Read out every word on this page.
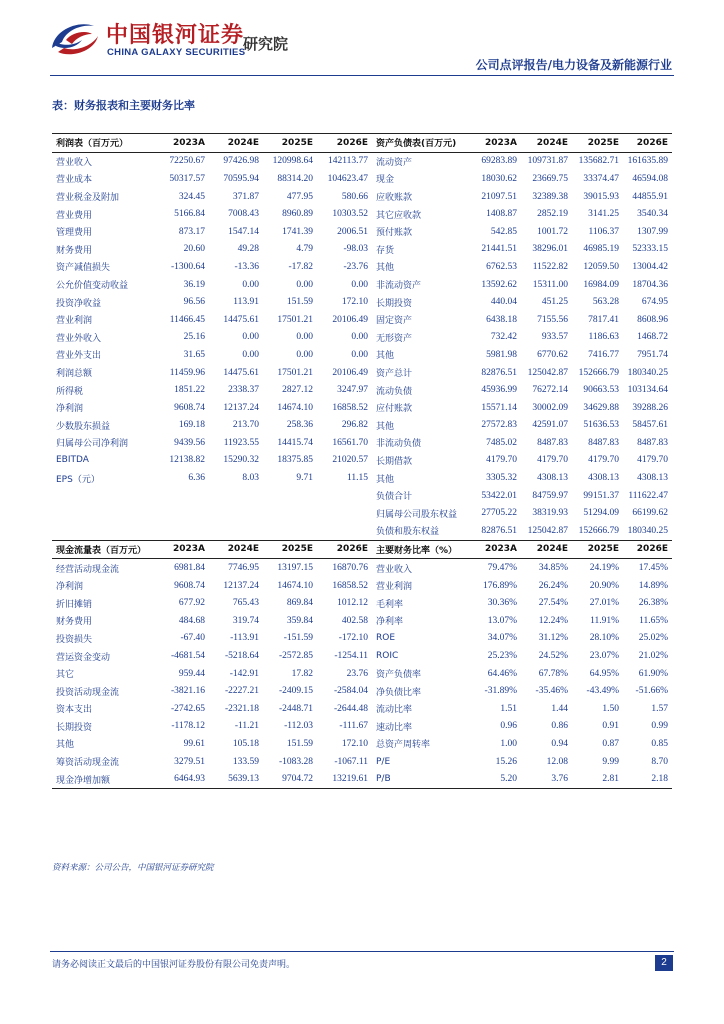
中国银河证券
CHINA GALAXY SECURITIES
研究院
公司点评报告/电力设备及新能源行业
表：财务报表和主要财务比率
利润表（百万元）	2023A	2024E	2025E	2026E	资产负债表(百万元)	2023A	2024E	2025E	2026E
营业收入	72250.67	97426.98	120998.64	142113.77	流动资产	69283.89	109731.87	135682.71	161635.89
营业成本	50317.57	70595.94	88314.20	104623.47	现金	18030.62	23669.75	33374.47	46594.08
营业税金及附加	324.45	371.87	477.95	580.66	应收账款	21097.51	32389.38	39015.93	44855.91
营业费用	5166.84	7008.43	8960.89	10303.52	其它应收款	1408.87	2852.19	3141.25	3540.34
管理费用	873.17	1547.14	1741.39	2006.51	预付账款	542.85	1001.72	1106.37	1307.99
财务费用	20.60	49.28	4.79	-98.03	存货	21441.51	38296.01	46985.19	52333.15
资产减值损失	-1300.64	-13.36	-17.82	-23.76	其他	6762.53	11522.82	12059.50	13004.42
公允价值变动收益	36.19	0.00	0.00	0.00	非流动资产	13592.62	15311.00	16984.09	18704.36
投资净收益	96.56	113.91	151.59	172.10	长期投资	440.04	451.25	563.28	674.95
营业利润	11466.45	14475.61	17501.21	20106.49	固定资产	6438.18	7155.56	7817.41	8608.96
营业外收入	25.16	0.00	0.00	0.00	无形资产	732.42	933.57	1186.63	1468.72
营业外支出	31.65	0.00	0.00	0.00	其他	5981.98	6770.62	7416.77	7951.74
利润总额	11459.96	14475.61	17501.21	20106.49	资产总计	82876.51	125042.87	152666.79	180340.25
所得税	1851.22	2338.37	2827.12	3247.97	流动负债	45936.99	76272.14	90663.53	103134.64
净利润	9608.74	12137.24	14674.10	16858.52	应付账款	15571.14	30002.09	34629.88	39288.26
少数股东损益	169.18	213.70	258.36	296.82	其他	27572.83	42591.07	51636.53	58457.61
归属母公司净利润	9439.56	11923.55	14415.74	16561.70	非流动负债	7485.02	8487.83	8487.83	8487.83
EBITDA	12138.82	15290.32	18375.85	21020.57	长期借款	4179.70	4179.70	4179.70	4179.70
EPS（元）	6.36	8.03	9.71	11.15	其他	3305.32	4308.13	4308.13	4308.13
					负债合计	53422.01	84759.97	99151.37	111622.47
					归属母公司股东权益	27705.22	38319.93	51294.09	66199.62
					负债和股东权益	82876.51	125042.87	152666.79	180340.25
现金流量表（百万元）	2023A	2024E	2025E	2026E	主要财务比率（%）	2023A	2024E	2025E	2026E
经营活动现金流	6981.84	7746.95	13197.15	16870.76	营业收入	79.47%	34.85%	24.19%	17.45%
净利润	9608.74	12137.24	14674.10	16858.52	营业利润	176.89%	26.24%	20.90%	14.89%
折旧摊销	677.92	765.43	869.84	1012.12	毛利率	30.36%	27.54%	27.01%	26.38%
财务费用	484.68	319.74	359.84	402.58	净利率	13.07%	12.24%	11.91%	11.65%
投资损失	-67.40	-113.91	-151.59	-172.10	ROE	34.07%	31.12%	28.10%	25.02%
营运资金变动	-4681.54	-5218.64	-2572.85	-1254.11	ROIC	25.23%	24.52%	23.07%	21.02%
其它	959.44	-142.91	17.82	23.76	资产负债率	64.46%	67.78%	64.95%	61.90%
投资活动现金流	-3821.16	-2227.21	-2409.15	-2584.04	净负债比率	-31.89%	-35.46%	-43.49%	-51.66%
资本支出	-2742.65	-2321.18	-2448.71	-2644.48	流动比率	1.51	1.44	1.50	1.57
长期投资	-1178.12	-11.21	-112.03	-111.67	速动比率	0.96	0.86	0.91	0.99
其他	99.61	105.18	151.59	172.10	总资产周转率	1.00	0.94	0.87	0.85
筹资活动现金流	3279.51	133.59	-1083.28	-1067.11	P/E	15.26	12.08	9.99	8.70
现金净增加额	6464.93	5639.13	9704.72	13219.61	P/B	5.20	3.76	2.81	2.18
资料来源：公司公告，中国银河证券研究院
请务必阅读正文最后的中国银河证券股份有限公司免责声明。	2
